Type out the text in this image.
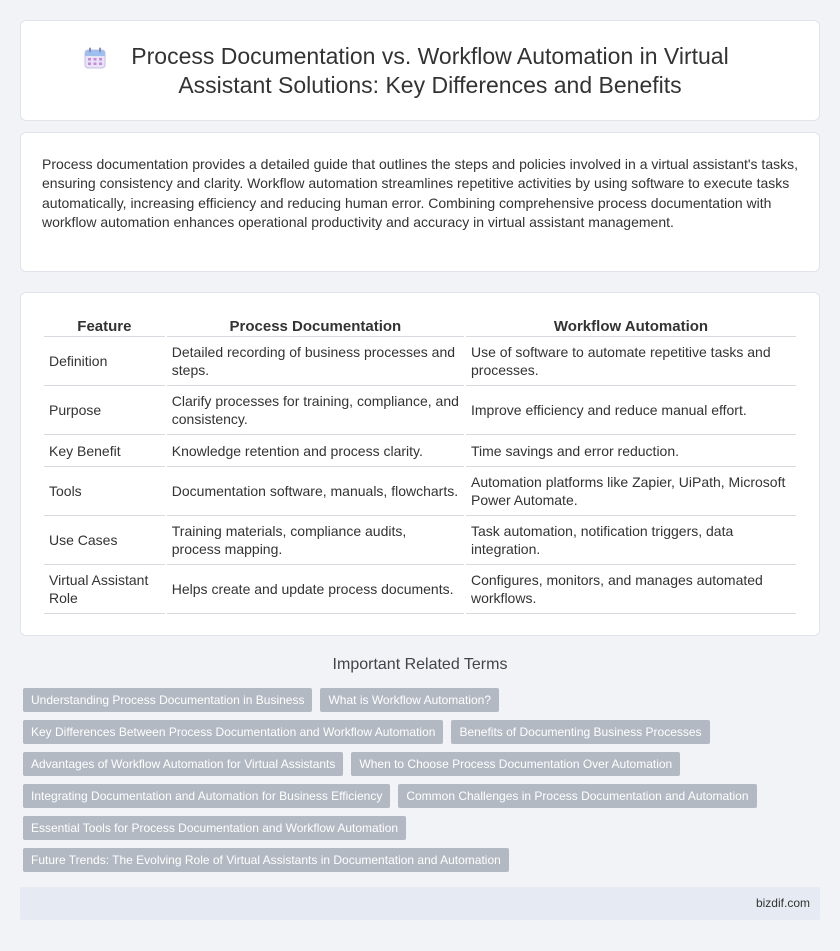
Process Documentation vs. Workflow Automation in Virtual Assistant Solutions: Key Differences and Benefits

Process documentation provides a detailed guide that outlines the steps and policies involved in a virtual assistant's tasks, ensuring consistency and clarity. Workflow automation streamlines repetitive activities by using software to execute tasks automatically, increasing efficiency and reducing human error. Combining comprehensive process documentation with workflow automation enhances operational productivity and accuracy in virtual assistant management.

Feature	Process Documentation	Workflow Automation
Definition	Detailed recording of business processes and steps.	Use of software to automate repetitive tasks and processes.
Purpose	Clarify processes for training, compliance, and consistency.	Improve efficiency and reduce manual effort.
Key Benefit	Knowledge retention and process clarity.	Time savings and error reduction.
Tools	Documentation software, manuals, flowcharts.	Automation platforms like Zapier, UiPath, Microsoft Power Automate.
Use Cases	Training materials, compliance audits, process mapping.	Task automation, notification triggers, data integration.
Virtual Assistant Role	Helps create and update process documents.	Configures, monitors, and manages automated workflows.
Important Related Terms
Understanding Process Documentation in Business	What is Workflow Automation?
Key Differences Between Process Documentation and Workflow Automation	Benefits of Documenting Business Processes
Advantages of Workflow Automation for Virtual Assistants	When to Choose Process Documentation Over Automation
Integrating Documentation and Automation for Business Efficiency	Common Challenges in Process Documentation and Automation
Essential Tools for Process Documentation and Workflow Automation
Future Trends: The Evolving Role of Virtual Assistants in Documentation and Automation
bizdif.com
